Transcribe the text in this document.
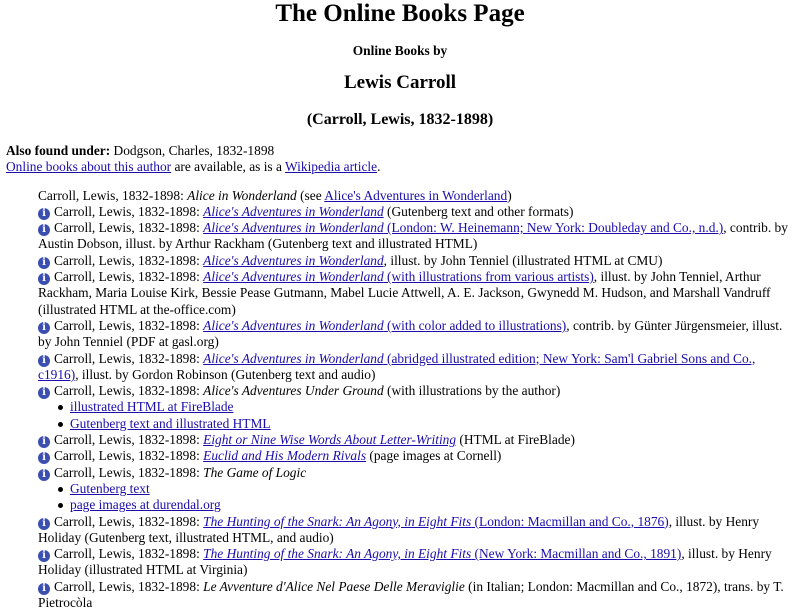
The Online Books Page
Online Books by
Lewis Carroll
(Carroll, Lewis, 1832-1898)
Also found under: Dodgson, Charles, 1832-1898
Online books about this author are available, as is a Wikipedia article.
Carroll, Lewis, 1832-1898: Alice in Wonderland (see Alice's Adventures in Wonderland)
i Carroll, Lewis, 1832-1898: Alice's Adventures in Wonderland (Gutenberg text and other formats)
i Carroll, Lewis, 1832-1898: Alice's Adventures in Wonderland (London: W. Heinemann; New York: Doubleday and Co., n.d.), contrib. by Austin Dobson, illust. by Arthur Rackham (Gutenberg text and illustrated HTML)
i Carroll, Lewis, 1832-1898: Alice's Adventures in Wonderland, illust. by John Tenniel (illustrated HTML at CMU)
i Carroll, Lewis, 1832-1898: Alice's Adventures in Wonderland (with illustrations from various artists), illust. by John Tenniel, Arthur Rackham, Maria Louise Kirk, Bessie Pease Gutmann, Mabel Lucie Attwell, A. E. Jackson, Gwynedd M. Hudson, and Marshall Vandruff (illustrated HTML at the-office.com)
i Carroll, Lewis, 1832-1898: Alice's Adventures in Wonderland (with color added to illustrations), contrib. by Günter Jürgensmeier, illust. by John Tenniel (PDF at gasl.org)
i Carroll, Lewis, 1832-1898: Alice's Adventures in Wonderland (abridged illustrated edition; New York: Sam'l Gabriel Sons and Co., c1916), illust. by Gordon Robinson (Gutenberg text and audio)
i Carroll, Lewis, 1832-1898: Alice's Adventures Under Ground (with illustrations by the author)
illustrated HTML at FireBlade
Gutenberg text and illustrated HTML
i Carroll, Lewis, 1832-1898: Eight or Nine Wise Words About Letter-Writing (HTML at FireBlade)
i Carroll, Lewis, 1832-1898: Euclid and His Modern Rivals (page images at Cornell)
i Carroll, Lewis, 1832-1898: The Game of Logic
Gutenberg text
page images at durendal.org
i Carroll, Lewis, 1832-1898: The Hunting of the Snark: An Agony, in Eight Fits (London: Macmillan and Co., 1876), illust. by Henry Holiday (Gutenberg text, illustrated HTML, and audio)
i Carroll, Lewis, 1832-1898: The Hunting of the Snark: An Agony, in Eight Fits (New York: Macmillan and Co., 1891), illust. by Henry Holiday (illustrated HTML at Virginia)
i Carroll, Lewis, 1832-1898: Le Avventure d'Alice Nel Paese Delle Meraviglie (in Italian; London: Macmillan and Co., 1872), trans. by T. Pietrocòla
